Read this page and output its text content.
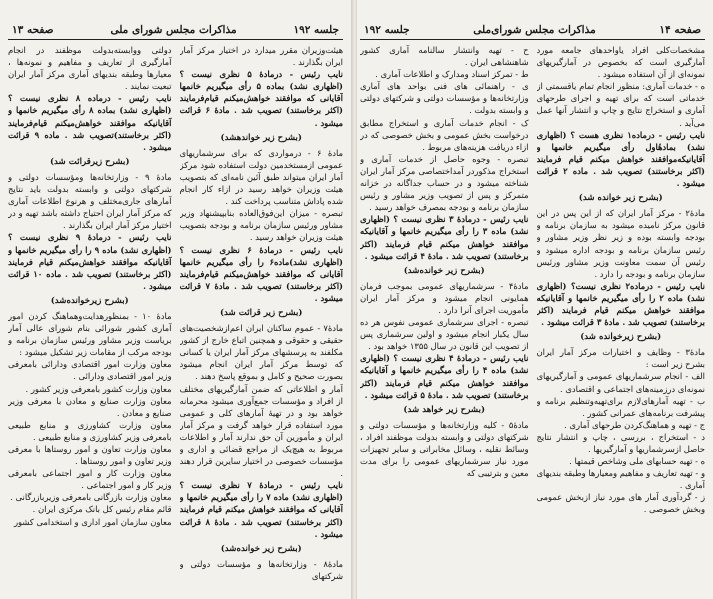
جلسه ۱۹۲
مذاکرات مجلس شورای ملی
صفحه ۱۳

هیئت‌وزیران مقرر میدارد در اختیار مرکز آمار ایران بگذارند .

نایب رئیس - درمادهٔ ۵ نظری نیست ؟ (اظهاری نشد) بماده ۵ رأی میگیریم خانمها آقایانی که موافقند خواهش‌میکنم قیام‌فرمایند (اکثر برخاستند) تصویب شد . مادهٔ ۶ قرائت میشود .

(بشرح زیر خواندهشد)

مادهٔ ۶ - درمواردی که برای سرشماریهای عمومی ازمستخدمین دولت استفاده شود مرکز آمار ایران میتواند طبق آئین نامه‌ای که بتصویب هیئت وزیران خواهد رسید در ازاء کار انجام شده پاداش متناسب پرداخت کند .

تبصره - میزان این‌فوق‌العاده بنا‌بپیشنهاد وزیر مشاور ورئیس سازمان برنامه و بودجه بتصویب هیئت وزیران خواهد رسید .

نایب رئیس - درمادهٔ ۶ نظری نیست ؟ (اظهاری نشد)ماده۶ را رأی میگیریم خانمها آقایانی که موافقند خواهش‌میکنم قیام‌فرمایند (اکثر برخاستند) تصویب شد . مادهٔ ۷ قرائت میشود .

(بشرح زیر قرائت شد)

مادهٔ۷ - عموم ساکنان ایران اعم‌ازشخصیت‌های حقیقی و حقوقی و همچنین اتباع خارج از کشور مکلفند به پرسشهای مرکز آمار ایران یا کسانی که توسط مرکز آمار ایران انجام میشود بصورت صحیح و کامل و بموقع پاسخ دهند .

آمار و اطلاعاتی که ضمن آمارگیریهای مختلف از افراد و مؤسسات جمع‌آوری میشود محرمانه خواهد بود و در تهیهٔ آمارهای کلی و عمومی مورد استفاده قرار خواهد گرفت و مرکز آمار ایران و مأمورین آن حق ندارند آمار و اطلاعات مربوط به هیچ‌یک از مراجع قضائی و اداری و مؤسسات خصوصی در اختیار سایرین قرار دهند .

نایب رئیس - درمادهٔ ۷ نظری نیست ؟ (اظهاری نشد) ماده ۷ را رأی میگیریم خانمها و آقایانی که موافقند خواهش میکنم قیام فرمایند (اکثر برخاستند) تصویب شد . مادهٔ ۸ قرائت میشود .

(بشرح زیر خوانده‌شد)

مادهٔ۸ - وزارتخانه‌ها و مؤسسات دولتی و شرکتهای

دولتی ووابسته‌بدولت موظفند در انجام آمارگیری از تعاریف و مفاهیم و نمونه‌ها ، معیارها وطبقه بندیهای آماری مرکز آمار ایران تبعیت نمایند .

نایب رئیس - درماده ۸ نظری نیست ؟ (اظهاری نشد) بماده ۸ رأی میگیریم خانمها و آقایانیکه موافقند خواهش‌میکنم قیام‌فرمایند (اکثر برخاستند)تصویب شد . ماده ۹ قرائت میشود .

(بشرح زیرقرائت شد)

مادهٔ ۹ - وزارتخانه‌ها ومؤسسات دولتی و شرکتهای دولتی و وابسته بدولت باید نتایج آمارهای جاری‌مختلف و هرنوع اطلاعات آماری که مرکز آمار ایران احتیاج داشته باشد تهیه و در اختیار مرکز آمار ایران بگذارند .

نایب رئیس - درمادهٔ ۹ نظری نیست ؟ (اظهاری نشد) ماده ۹ را رأی میگیریم خانمها و آقایانیکه موافقند خواهش‌میکنم قیام فرمایند (اکثر برخاستند) تصویب شد . ماده ۱۰ قرائت میشود .

(بشرح زیرخوانده‌شد)

مادهٔ ۱۰ - بمنظورهدایت‌وهماهنگ کردن امور آماری کشور شورائی بنام شورای عالی آمار بریاست وزیر مشاور ورئیس سازمان برنامه و بودجه مرکب از مقامات زیر تشکیل میشود :

معاون وزارت امور اقتصادی ودارائی بامعرفی وزیر امور اقتصادی ودارائی .

معاون وزارت کشور بامعرفی وزیر کشور .

معاون وزارت صنایع و معادن با معرفی وزیر صنایع و معادن .

معاون وزارت کشاورزی و منابع طبیعی بامعرفی وزیر کشاورزی و منابع طبیعی .

معاون وزارت تعاون و امور روستاها با معرفی وزیر تعاون و امور روستاها .

معاون وزارت کار و امور اجتماعی بامعرفی وزیر کار و امور اجتماعی .

معاون وزارت بازرگانی بامعرفی وزیربازرگانی .

قائم مقام رئیس کل بانک مرکزی ایران .

معاون سازمان امور اداری و استخدامی کشور

صفحه ۱۴
مذاکرات مجلس شورای‌ملی
جلسه ۱۹۲

مشخصات‌کلی افراد یاواحدهای جامعه مورد آمارگیری است که بخصوص در آمارگیریهای نمونه‌ای از آن استفاده میشود .

ه - خدمات آماری: منظور انجام تمام یاقسمتی از خدماتی است که برای تهیه و اجرای طرحهای آماری و استخراج نتایج و چاپ و انتشار آنها عمل می‌آید .

نایب رئیس - درماده۱ نظری هست ؟ (اظهاری نشد) بمادهٔاول رأی میگیریم خانمها و آقایانیکه‌موافقند خواهش میکنم قیام فرمایند (اکثر برخاستند) تصویب شد . ماده ۲ قرائت میشود .

(بشرح زیر خوانده شد)

مادهٔ۲ - مرکز آمار ایران که از این پس در این قانون مرکز نامیده میشود به سازمان برنامه و بودجه وابسته بوده و زیر نظر وزیر مشاور و رئیس سازمان برنامه و بودجه اداره میشود و رئیس آن سمت معاونت وزیر مشاور ورئیس سازمان برنامه و بودجه را دارد .

نایب رئیس - درماده۲ نظری نیست؟ (اظهاری نشد) ماده ۲ را رأی میگیریم خانمها و آقایانیکه موافقند خواهش میکنم قیام فرمایند (اکثر برخاستند) تصویب شد . مادهٔ ۳ قرائت میشود .

(بشرح زیرخوانده شد)

مادهٔ۳ - وظایف و اختیارات مرکز آمار ایران بشرح زیر است :

الف - انجام سرشماریهای عمومی و آمارگیریهای نمونه‌ای درزمینه‌های اجتماعی و اقتصادی .

ب - تهیه آمارهای‌لازم برای‌تهیه‌وتنظیم برنامه و پیشرفت برنامه‌های عمرانی کشور .

ج - تهیه و هماهنگ‌کردن طرحهای آماری .

د - استخراج ، بررسی ، چاپ و انتشار نتایج حاصل ازسرشماریها و آمارگیریها .

ه - تهیه حسابهای ملی وشاخص قیمتها .

و - تهیه تعاریف و مفاهیم ومعیارها وطبقه بندیهای آماری .

ز - گردآوری آمار های مورد نیاز ازبخش عمومی وبخش خصوصی .

ح - تهیه وانتشار سالنامه آماری کشور شاهنشاهی ایران .

ط - تمرکز اسناد ومدارک و اطلاعات آماری .

ی - راهنمائی های فنی بواحد های آماری وزارتخانه‌ها و مؤسسات دولتی و شرکتهای دولتی و وابسته بدولت .

ک - انجام خدمات آماری و استخراج مطابق درخواست بخش عمومی و بخش خصوصی که در ازاء دریافت هزینه‌های مربوط .

تبصره - وجوه حاصل از خدمات آماری و استخراج مذکوردر آمداختصاصی مرکز آمار ایران شناخته میشود و در حساب جداگانه در خزانه متمرکز و پس از تصویب وزیر مشاور و رئیس سازمان برنامه و بودجه بمصرف خواهد رسید .

نایب رئیس - درمادهٔ ۳ نظری نیست ؟ (اظهاری نشد) ماده ۳ را رأی میگیریم خانمها و آقایانیکه موافقند خواهش میکنم قیام فرمایند (اکثر برخاستند) تصویب شد . مادهٔ ۴ قرائت میشود .

(بشرح زیر خوانده‌شد)

مادهٔ۴ - سرشماریهای عمومی بموجب فرمان همایونی انجام میشود و مرکز آمار ایران مأموریت اجرای آنرا دارد .

تبصره - اجرای سرشماری عمومی نفوس هر ده سال یکبار انجام میشود و اولین سرشماری پس از تصویب این قانون در سال ۱۳۵۵ خواهد بود .

نایب رئیس - درمادهٔ ۴ نظری نیست ؟ (اظهاری نشد) ماده ۴ را رأی میگیریم خانمها و آقایانیکه موافقند خواهش میکنم قیام فرمایند (اکثر برخاستند) تصویب شد . مادهٔ ۵ قرائت میشود .

(بشرح زیر خواهد شد)

مادهٔ۵ - کلیه وزارتخانه‌ها و مؤسسات دولتی و شرکتهای دولتی و وابسته بدولت موظفند افراد ، وسائط نقلیه ، وسائل مخابراتی و سایر تجهیزات مورد نیاز سرشماریهای عمومی را برای مدت معین و بترتیبی که
